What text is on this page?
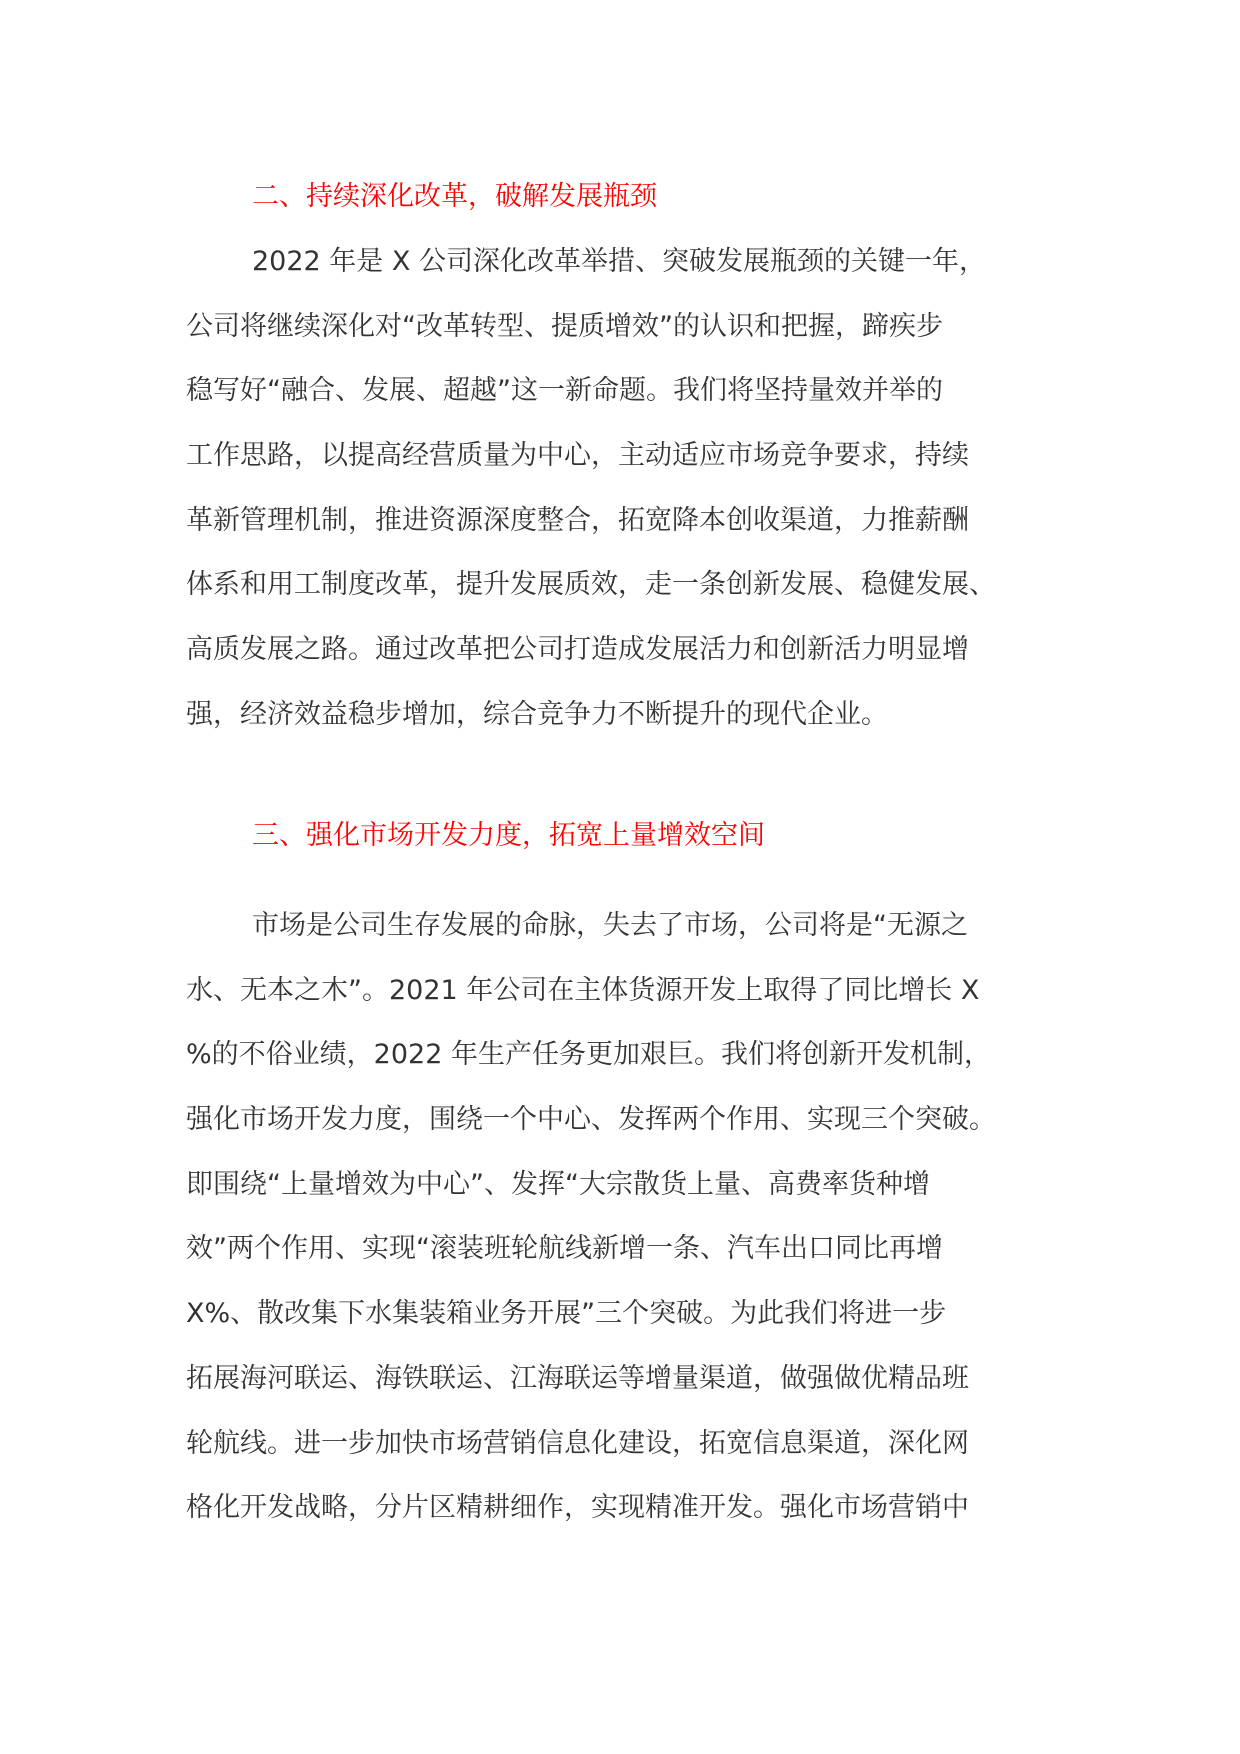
二、持续深化改革，破解发展瓶颈
2022 年是 X 公司深化改革举措、突破发展瓶颈的关键一年，
公司将继续深化对“改革转型、提质增效”的认识和把握，蹄疾步
稳写好“融合、发展、超越”这一新命题。我们将坚持量效并举的
工作思路，以提高经营质量为中心，主动适应市场竞争要求，持续
革新管理机制，推进资源深度整合，拓宽降本创收渠道，力推薪酬
体系和用工制度改革，提升发展质效，走一条创新发展、稳健发展、
高质发展之路。通过改革把公司打造成发展活力和创新活力明显增
强，经济效益稳步增加，综合竞争力不断提升的现代企业。
三、强化市场开发力度，拓宽上量增效空间
市场是公司生存发展的命脉，失去了市场，公司将是“无源之
水、无本之木”。2021 年公司在主体货源开发上取得了同比增长 X
%的不俗业绩，2022 年生产任务更加艰巨。我们将创新开发机制，
强化市场开发力度，围绕一个中心、发挥两个作用、实现三个突破。
即围绕“上量增效为中心”、发挥“大宗散货上量、高费率货种增
效”两个作用、实现“滚装班轮航线新增一条、汽车出口同比再增
X%、散改集下水集装箱业务开展”三个突破。为此我们将进一步
拓展海河联运、海铁联运、江海联运等增量渠道，做强做优精品班
轮航线。进一步加快市场营销信息化建设，拓宽信息渠道，深化网
格化开发战略，分片区精耕细作，实现精准开发。强化市场营销中
